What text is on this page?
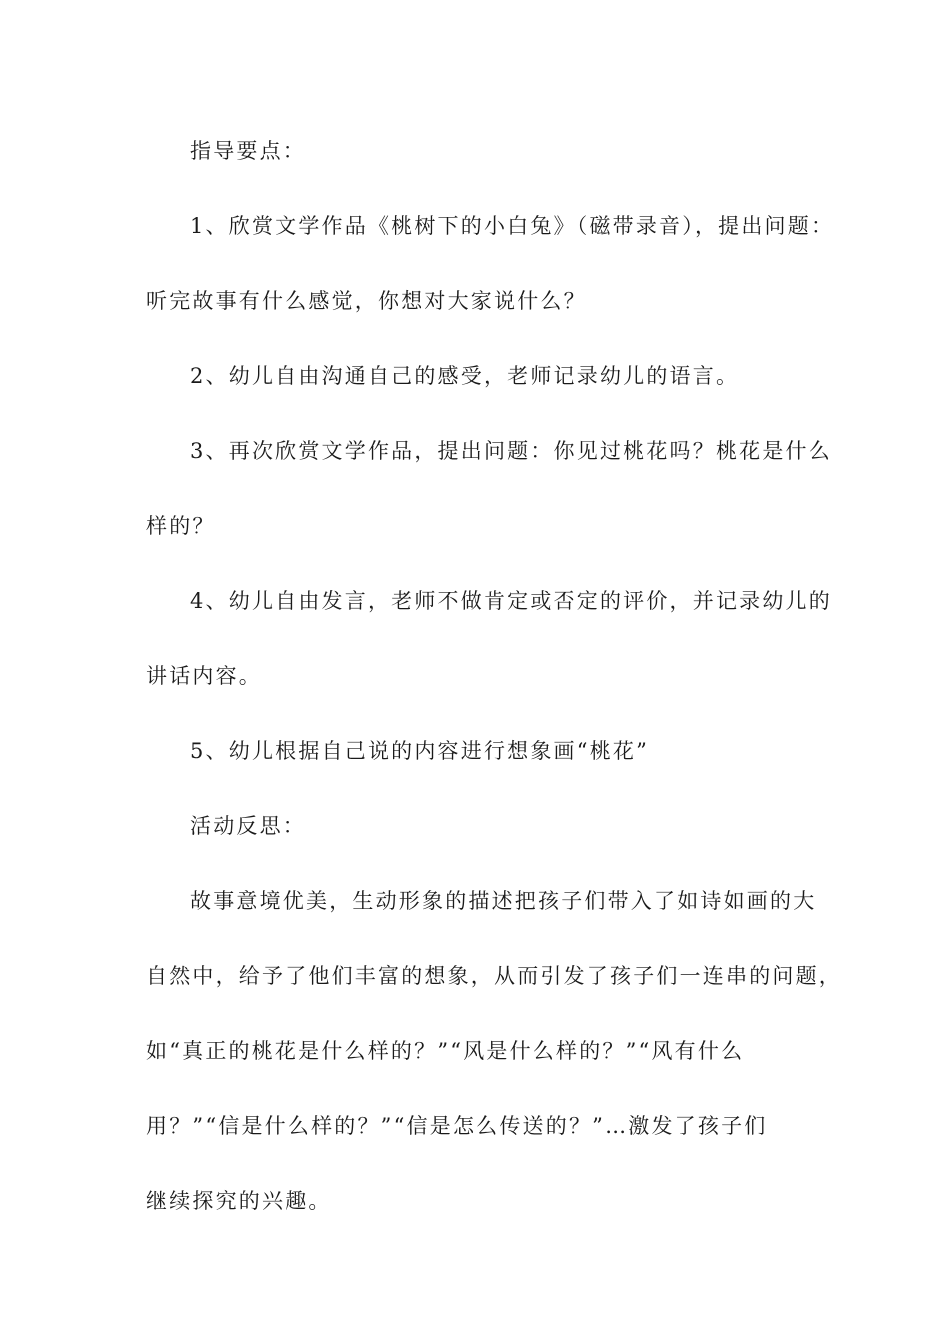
指导要点：
1、欣赏文学作品《桃树下的小白兔》（磁带录音），提出问题：
听完故事有什么感觉，你想对大家说什么？
2、幼儿自由沟通自己的感受，老师记录幼儿的语言。
3、再次欣赏文学作品，提出问题：你见过桃花吗？桃花是什么
样的？
4、幼儿自由发言，老师不做肯定或否定的评价，并记录幼儿的
讲话内容。
5、幼儿根据自己说的内容进行想象画“桃花”
活动反思：
故事意境优美，生动形象的描述把孩子们带入了如诗如画的大
自然中，给予了他们丰富的想象，从而引发了孩子们一连串的问题，
如“真正的桃花是什么样的？”“风是什么样的？”“风有什么
用？”“信是什么样的？”“信是怎么传送的？”…激发了孩子们
继续探究的兴趣。
